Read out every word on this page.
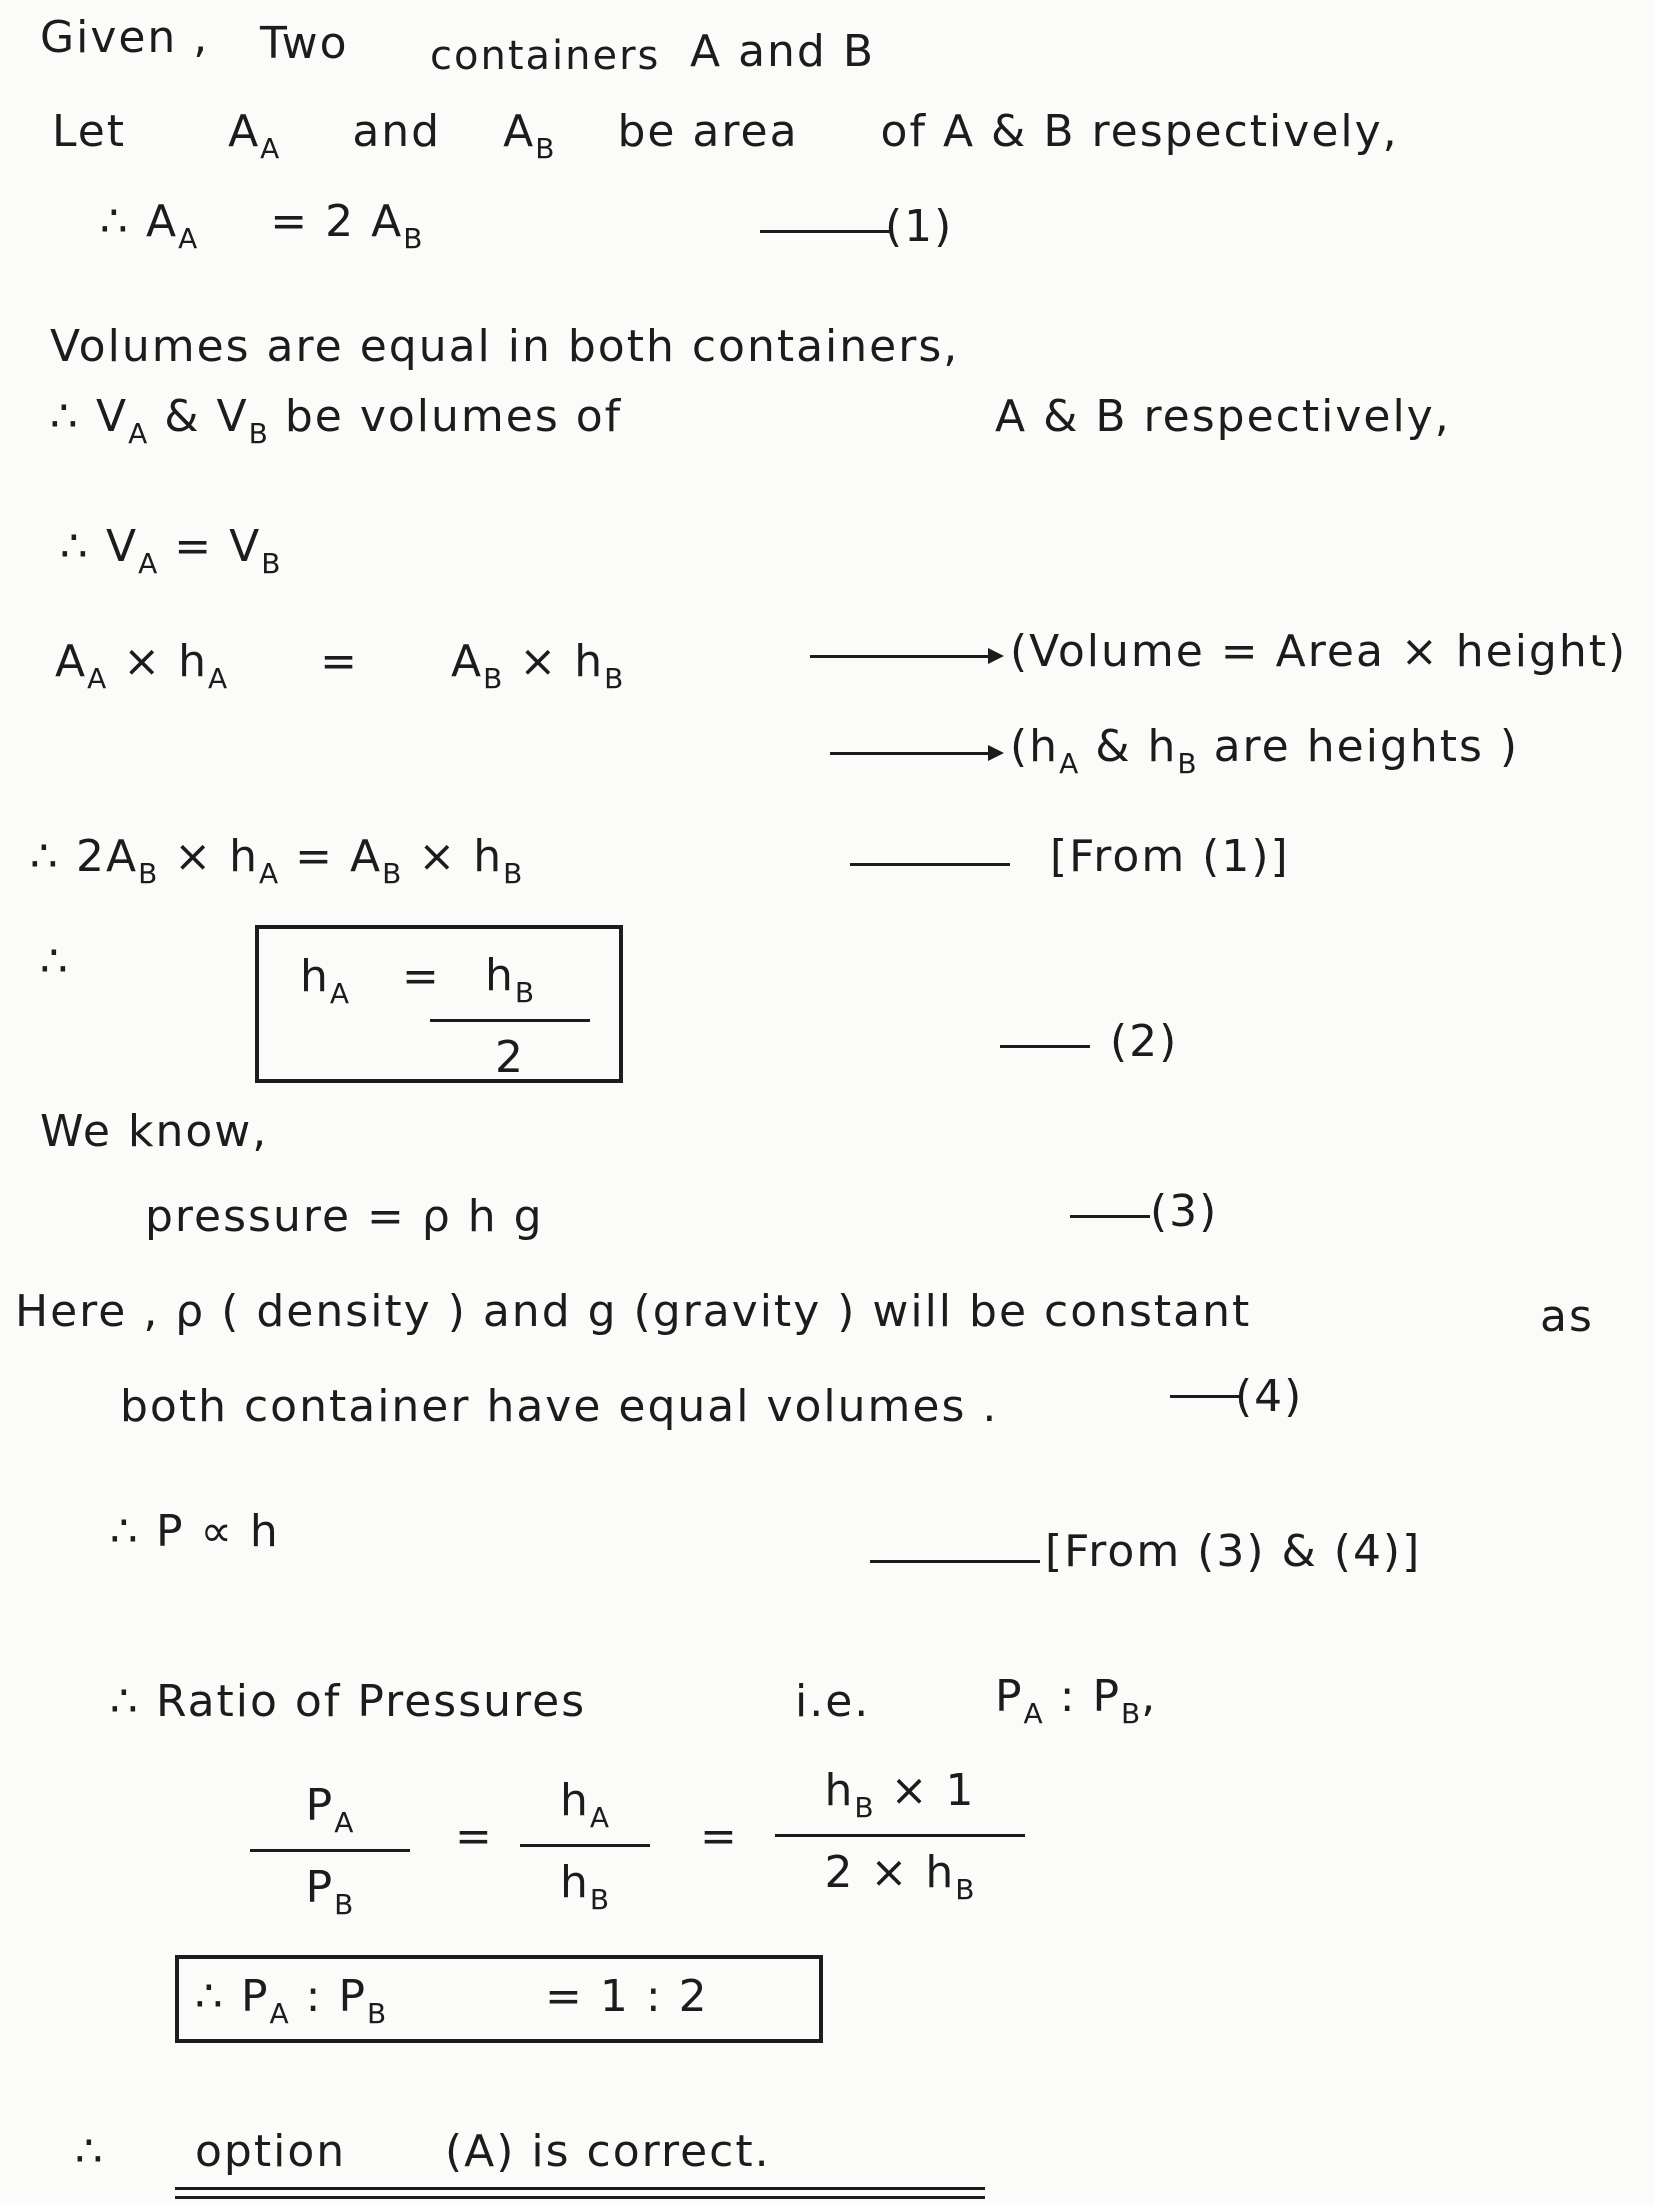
Given , Two containers A and B
Let $A_A$ and $A_B$ be area of A & B respectively,
∴ $A_A = 2$ $A_B$	(1)
Volumes are equal in both containers,
∴ $V_A$ & $V_B$ be volumes of	A & B respectively,
∴ $V_A = V_B$
$A_A \times h_A = A_B \times h_B$
(Volume = Area × height)
($h_A$ & $h_B$ are heights )
∴ $2A_B \times h_A = A_B \times h_B$	[From (1)]
∴	$h_A = h_B$
2	(2)
We know,
pressure = ρ h g	(3)
Here , ρ ( density ) and g (gravity ) will be constant	as
both container have equal volumes .	(4)
∴ P ∝ h	[From (3) & (4)]
∴ Ratio of Pressures	i.e.	$P_A$ : $P_B$,
$P_A$
$P_B$
=
$h_A$
$h_B$
=
$h_B \times 1$
$2 \times h_B$
∴ $P_A$ : $P_B$	= 1 : 2
∴ option (A) is correct.
